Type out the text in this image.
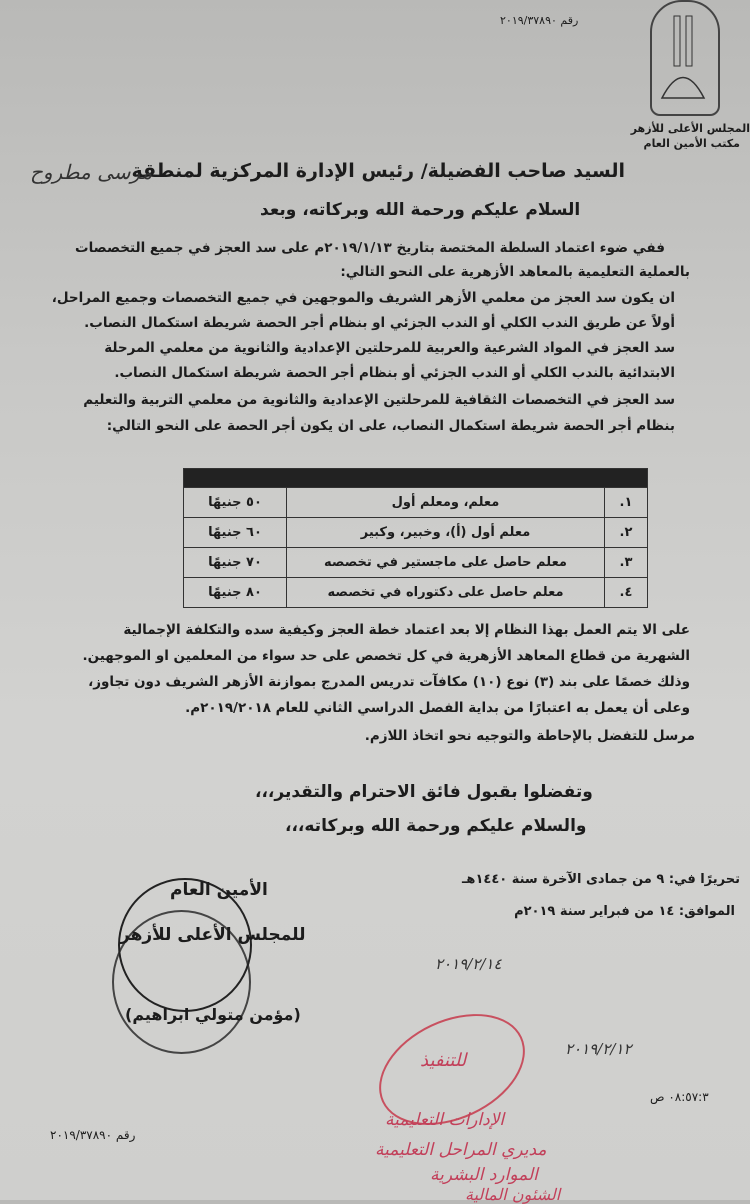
رقم ٢٠١٩/٣٧٨٩٠
المجلس الأعلى للأزهر
مكتب الأمين العام
السيد صاحب الفضيلة/ رئيس الإدارة المركزية لمنطقة
مرسى مطروح
السلام عليكم ورحمة الله وبركاته، وبعد
ففي ضوء اعتماد السلطة المختصة بتاريخ ٢٠١٩/١/١٣م على سد العجز في جميع التخصصات
بالعملية التعليمية بالمعاهد الأزهرية على النحو التالي:
ان يكون سد العجز من معلمي الأزهر الشريف والموجهين في جميع التخصصات وجميع المراحل،
أولاً عن طريق الندب الكلي أو الندب الجزئي او بنظام أجر الحصة شريطة استكمال النصاب.
سد العجز في المواد الشرعية والعربية للمرحلتين الإعدادية والثانوية من معلمي المرحلة
الابتدائية بالندب الكلي أو الندب الجزئي أو بنظام أجر الحصة شريطة استكمال النصاب.
سد العجز في التخصصات الثقافية للمرحلتين الإعدادية والثانوية من معلمي التربية والتعليم
بنظام أجر الحصة شريطة استكمال النصاب، على ان يكون أجر الحصة على النحو التالي:

١.	معلم، ومعلم أول	٥٠ جنيهًا
٢.	معلم أول (أ)، وخبير، وكبير	٦٠ جنيهًا
٣.	معلم حاصل على ماجستير في تخصصه	٧٠ جنيهًا
٤.	معلم حاصل على دكتوراه في تخصصه	٨٠ جنيهًا
على الا يتم العمل بهذا النظام إلا بعد اعتماد خطة العجز وكيفية سده والتكلفة الإجمالية
الشهرية من قطاع المعاهد الأزهرية في كل تخصص على حد سواء من المعلمين او الموجهين.
وذلك خصمًا على بند (٣) نوع (١٠) مكافآت تدريس المدرج بموازنة الأزهر الشريف دون تجاوز،
وعلى أن يعمل به اعتبارًا من بداية الفصل الدراسي الثاني للعام ٢٠١٩/٢٠١٨م.
مرسل للتفضل بالإحاطة والتوجيه نحو اتخاذ اللازم.
وتفضلوا بقبول فائق الاحترام والتقدير،،،
والسلام عليكم ورحمة الله وبركاته،،،
تحريرًا في: ٩ من جمادى الآخرة سنة ١٤٤٠هـ
الموافق: ١٤ من فبراير سنة ٢٠١٩م
الأمين العام
للمجلس الأعلى للأزهر
(مؤمن متولي ابراهيم)
٢٠١٩/٢/١٤
٢٠١٩/٢/١٢
للتنفيذ
الإدارات التعليمية
مديري المراحل التعليمية
الموارد البشرية
الشئون المالية
٠٨:٥٧:٣ ص
رقم ٢٠١٩/٣٧٨٩٠
